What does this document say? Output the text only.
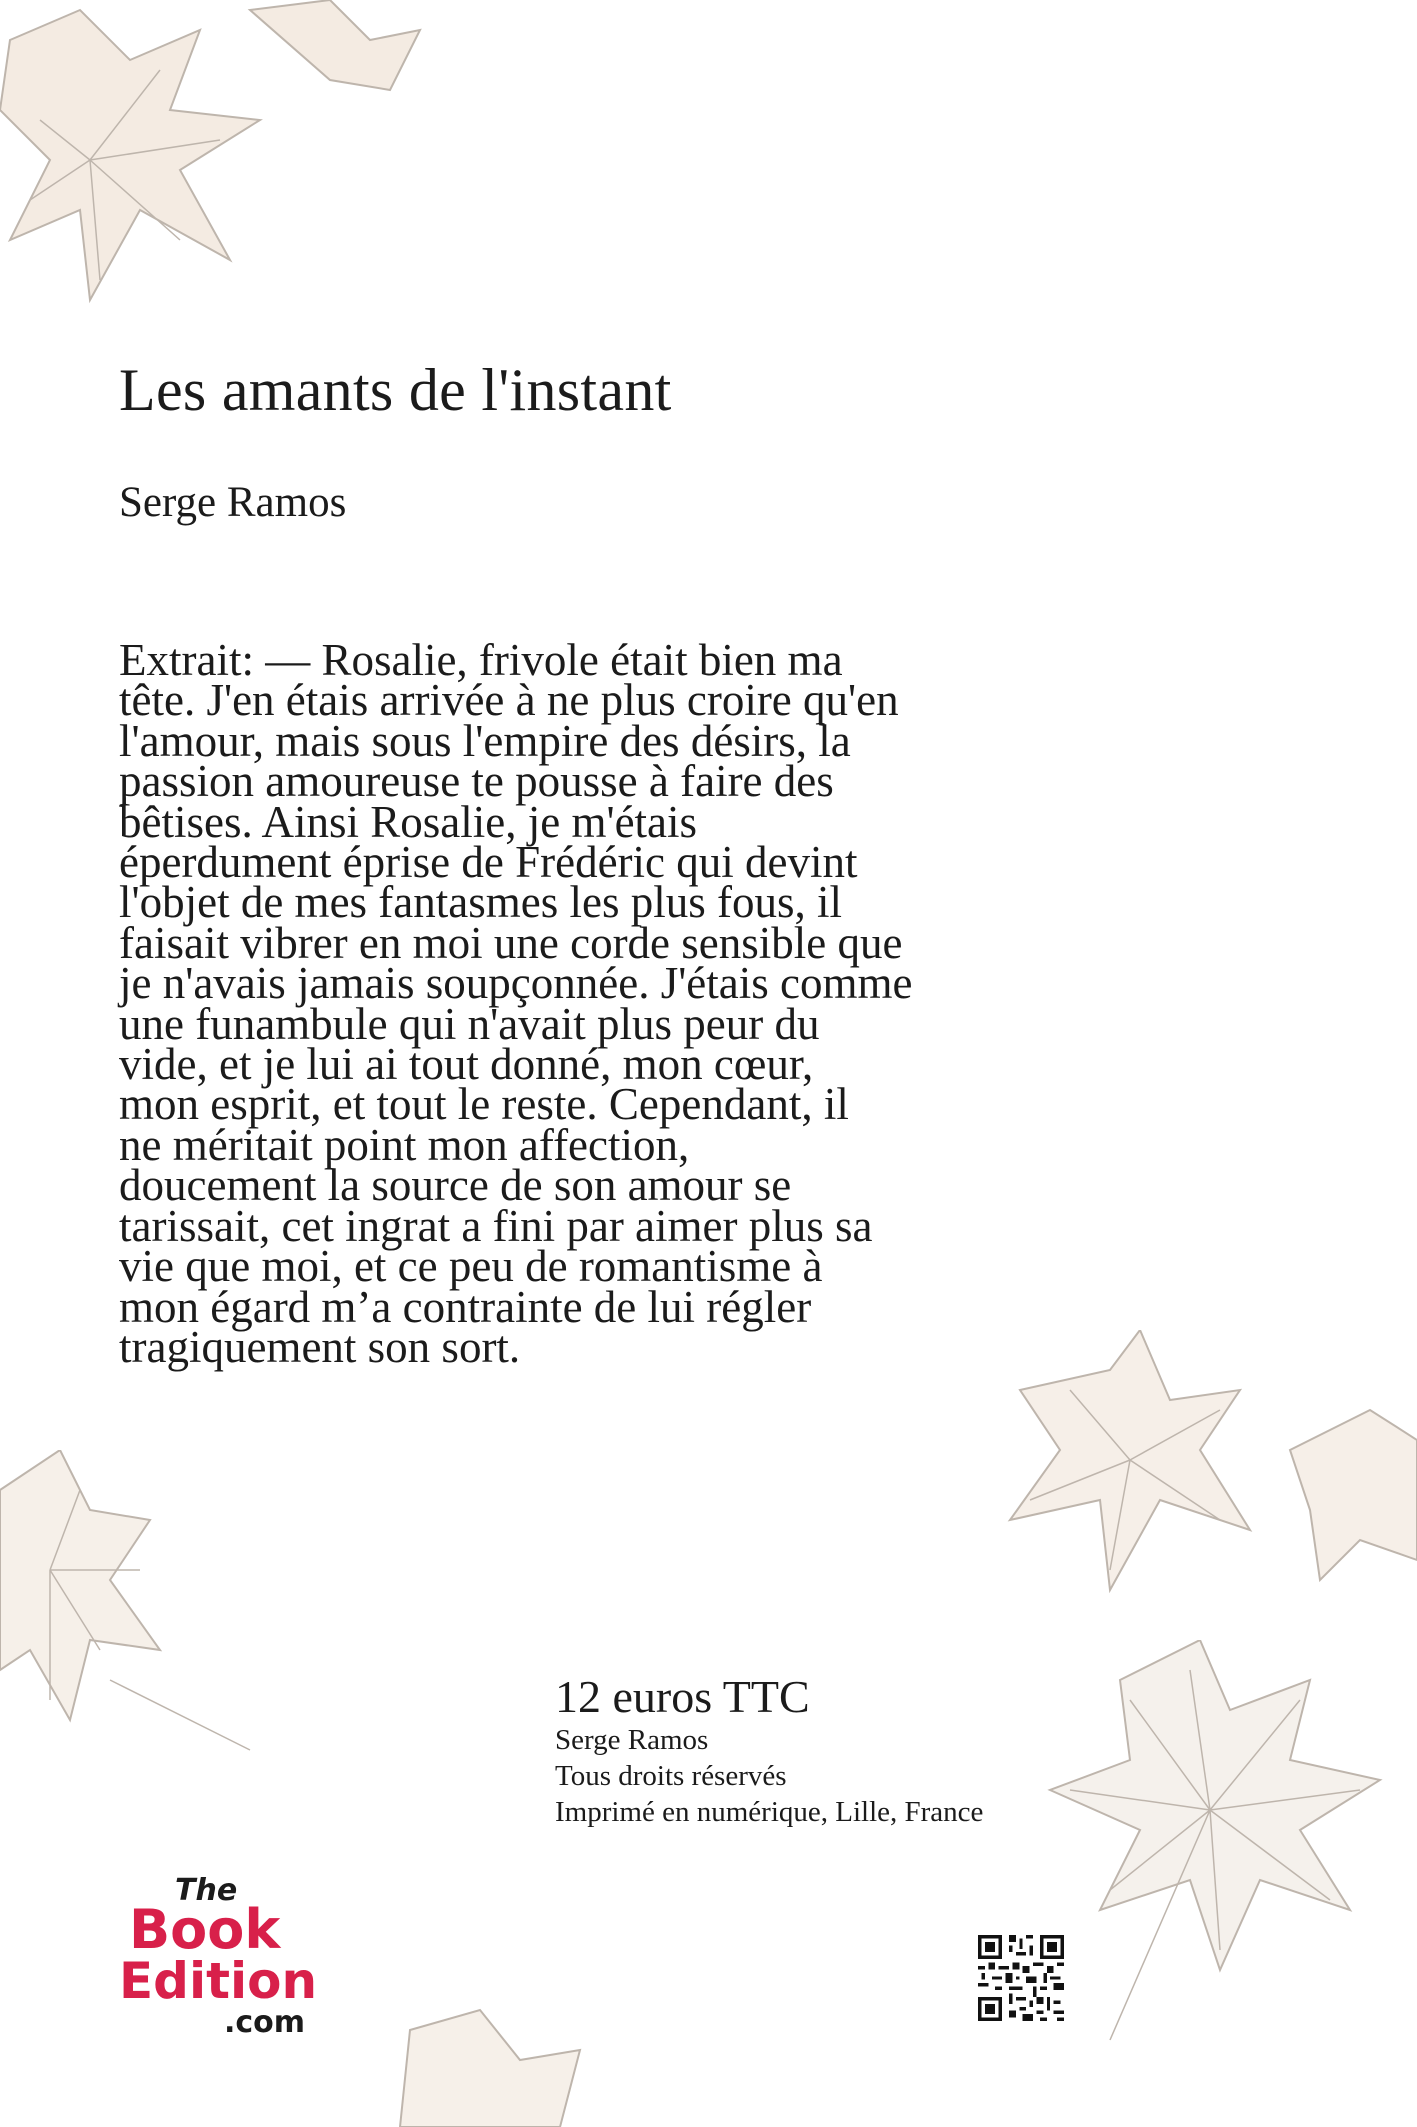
Les amants de l'instant

Serge Ramos

Extrait: — Rosalie, frivole était bien ma
tête. J'en étais arrivée à ne plus croire qu'en
l'amour, mais sous l'empire des désirs, la
passion amoureuse te pousse à faire des
bêtises. Ainsi Rosalie, je m'étais
éperdument éprise de Frédéric qui devint
l'objet de mes fantasmes les plus fous, il
faisait vibrer en moi une corde sensible que
je n'avais jamais soupçonnée. J'étais comme
une funambule qui n'avait plus peur du
vide, et je lui ai tout donné, mon cœur,
mon esprit, et tout le reste. Cependant, il
ne méritait point mon affection,
doucement la source de son amour se
tarissait, cet ingrat a fini par aimer plus sa
vie que moi, et ce peu de romantisme à
mon égard m’a contrainte de lui régler
tragiquement son sort.
12 euros TTC
Serge Ramos
Tous droits réservés
Imprimé en numérique, Lille, France
The
Book
Edition
.com
